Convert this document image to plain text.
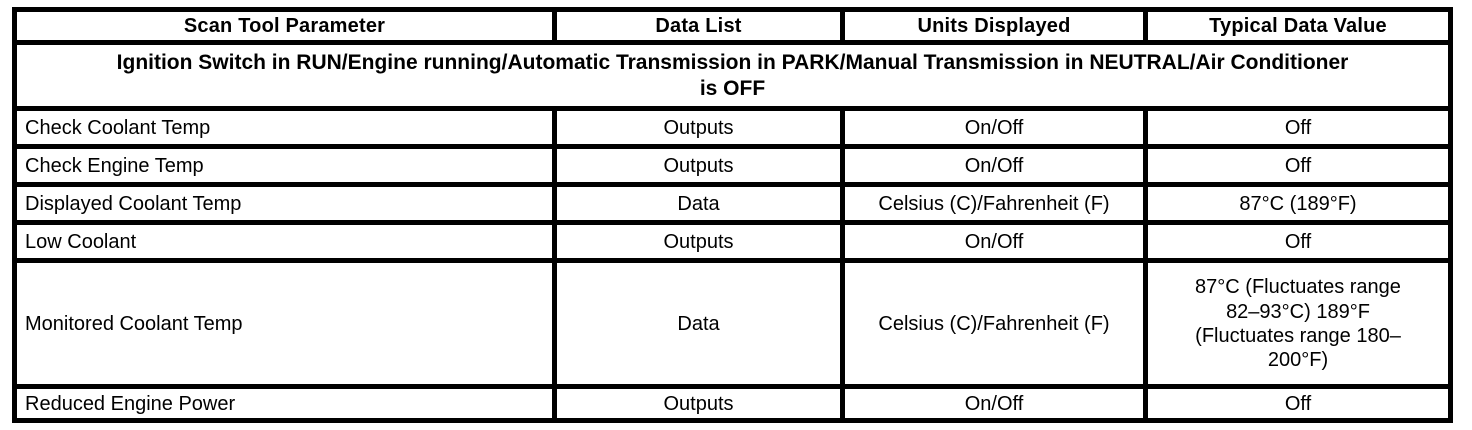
Scan Tool Parameter	Data List	Units Displayed	Typical Data Value

Ignition Switch in RUN/Engine running/Automatic Transmission in PARK/Manual Transmission in NEUTRAL/Air Conditioner is OFF			

Check Coolant Temp	Outputs	On/Off	Off
Check Engine Temp	Outputs	On/Off	Off
Displayed Coolant Temp	Data	Celsius (C)/Fahrenheit (F)	87°C (189°F)
Low Coolant	Outputs	On/Off	Off
Monitored Coolant Temp	Data	Celsius (C)/Fahrenheit (F)	87°C (Fluctuates range 82–93°C) 189°F (Fluctuates range 180–200°F)

Reduced Engine Power	Outputs	On/Off	Off
